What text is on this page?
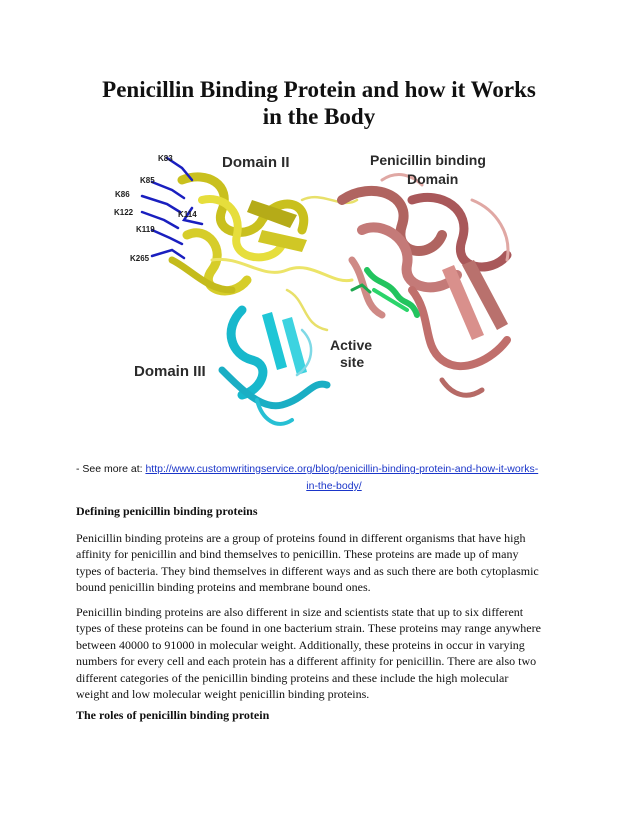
Penicillin Binding Protein and how it Works
in the Body
K83
K85
K86
K122	K114
K119
K265
Domain II	Penicillin binding
Domain
Active
site
Domain III
- See more at: http://www.customwritingservice.org/blog/penicillin-binding-protein-and-how-it-works-
in-the-body/
Defining penicillin binding proteins

Penicillin binding proteins are a group of proteins found in different organisms that have high
affinity for penicillin and bind themselves to penicillin. These proteins are made up of many
types of bacteria. They bind themselves in different ways and as such there are both cytoplasmic
bound penicillin binding proteins and membrane bound ones.

Penicillin binding proteins are also different in size and scientists state that up to six different
types of these proteins can be found in one bacterium strain. These proteins may range anywhere
between 40000 to 91000 in molecular weight. Additionally, these proteins in occur in varying
numbers for every cell and each protein has a different affinity for penicillin. There are also two
different categories of the penicillin binding proteins and these include the high molecular
weight and low molecular weight penicillin binding proteins.

The roles of penicillin binding protein
